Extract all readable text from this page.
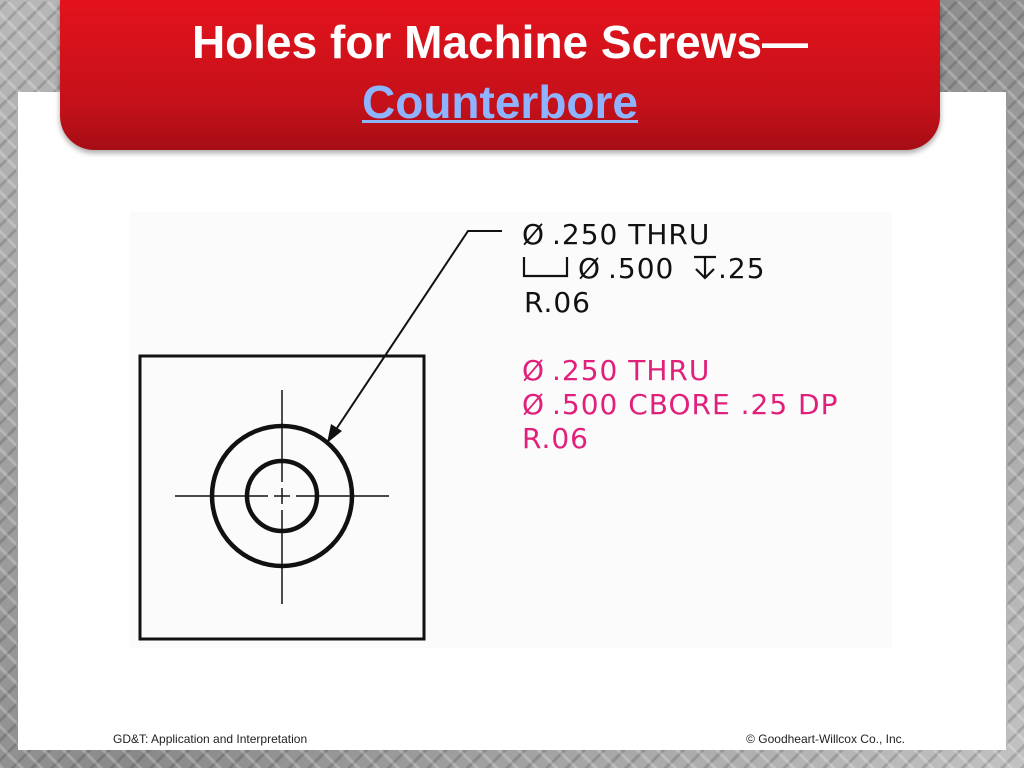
Holes for Machine Screws—
Counterbore
Ø .250 THRU
Ø .500 .25
R.06
Ø .250 THRU
Ø .500 CBORE .25 DP
R.06
GD&T: Application and Interpretation	© Goodheart-Willcox Co., Inc.
